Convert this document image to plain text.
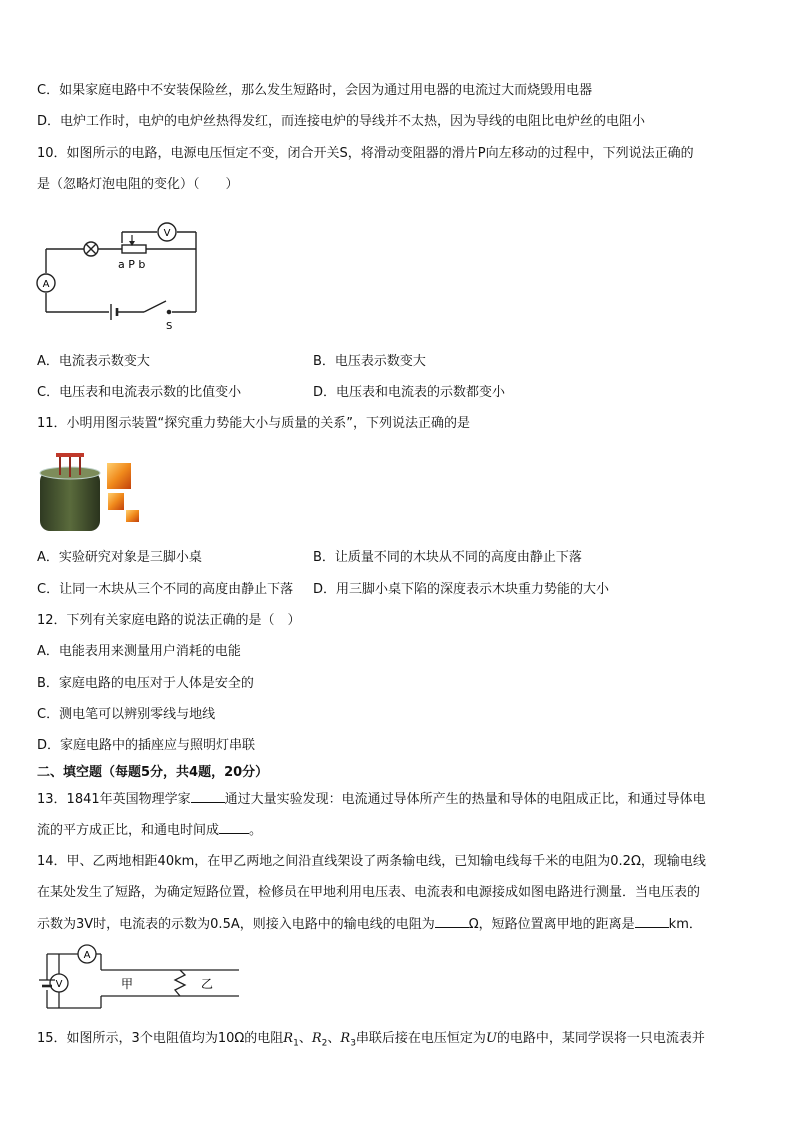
C．如果家庭电路中不安装保险丝，那么发生短路时，会因为通过用电器的电流过大而烧毁用电器
D．电炉工作时，电炉的电炉丝热得发红，而连接电炉的导线并不太热，因为导线的电阻比电炉丝的电阻小
10．如图所示的电路，电源电压恒定不变，闭合开关S，将滑动变阻器的滑片P向左移动的过程中，下列说法正确的
是（忽略灯泡电阻的变化）（　　）
A
V
a P b
S
A．电流表示数变大	B．电压表示数变大
C．电压表和电流表示数的比值变小	D．电压表和电流表的示数都变小
11．小明用图示装置“探究重力势能大小与质量的关系”，下列说法正确的是
A．实验研究对象是三脚小桌	B．让质量不同的木块从不同的高度由静止下落
C．让同一木块从三个不同的高度由静止下落 D．用三脚小桌下陷的深度表示木块重力势能的大小
12．下列有关家庭电路的说法正确的是（　）
A．电能表用来测量用户消耗的电能
B．家庭电路的电压对于人体是安全的
C．测电笔可以辨别零线与地线
D．家庭电路中的插座应与照明灯串联
二、填空题（每题5分，共4题，20分）
13．1841年英国物理学家	通过大量实验发现：电流通过导体所产生的热量和导体的电阻成正比，和通过导体电
流的平方成正比，和通电时间成 。
14．甲、乙两地相距40km，在甲乙两地之间沿直线架设了两条输电线，已知输电线每千米的电阻为0.2Ω，现输电线
在某处发生了短路，为确定短路位置，检修员在甲地利用电压表、电流表和电源接成如图电路进行测量．当电压表的
示数为3V时，电流表的示数为0.5A，则接入电路中的输电线的电阻为	Ω，短路位置离甲地的距离是	km．
A
V	甲	乙
15．如图所示，3个电阻值均为10Ω的电阻$R_1$、$R_2$、$R_3$串联后接在电压恒定为U的电路中，某同学误将一只电流表并
